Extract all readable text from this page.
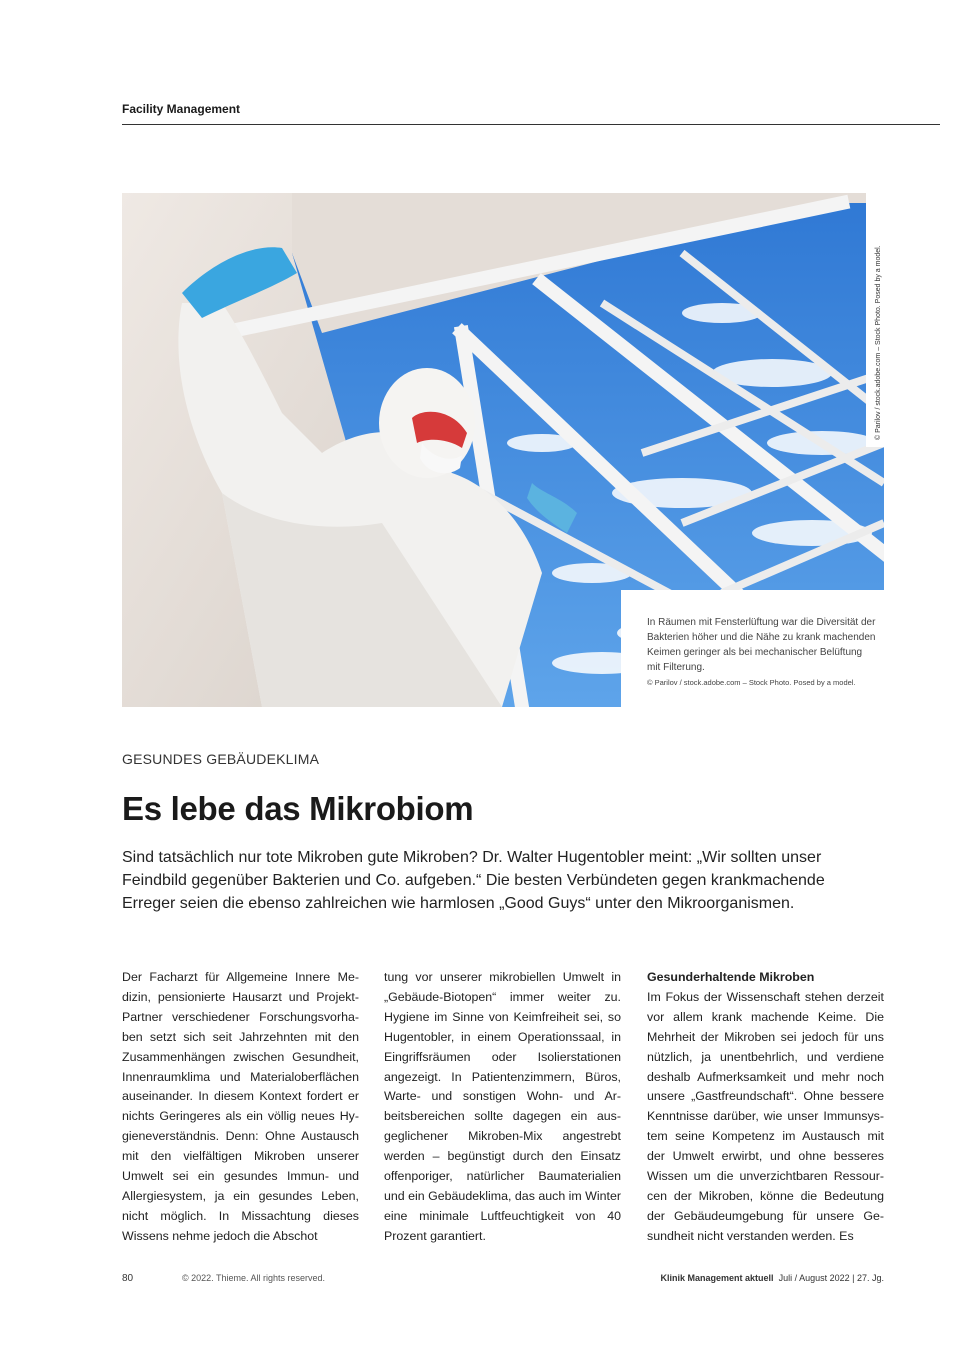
Facility Management
© Parilov / stock.adobe.com – Stock Photo. Posed by a model.

In Räumen mit Fensterlüftung war die Diversität der Bakterien höher und die Nähe zu krank machenden Keimen geringer als bei mechanischer Belüftung mit Filterung.

© Parilov / stock.adobe.com – Stock Photo. Posed by a model.

GESUNDES GEBÄUDEKLIMA
Es lebe das Mikrobiom

Sind tatsächlich nur tote Mikroben gute Mikroben? Dr. Walter Hugentobler meint: „Wir sollten unser Feindbild gegenüber Bakterien und Co. aufgeben.“ Die besten Verbündeten gegen krankmachende Erreger seien die ebenso zahlreichen wie harmlosen „Good Guys“ unter den Mikroorganismen.

Der Facharzt für Allgemeine Innere Medizin, pensionierte Hausarzt und ProjektPartner verschiedener Forschungsvorhaben setzt sich seit Jahrzehnten mit den Zusammenhängen zwischen Gesundheit, Innenraumklima und Materialoberflächen auseinander. In diesem Kontext fordert er nichts Geringeres als ein völlig neues Hygieneverständnis. Denn: Ohne Austausch mit den vielfältigen Mikroben unserer Umwelt sei ein gesundes Immun- und Allergiesystem, ja ein gesundes Leben, nicht möglich. In Missachtung dieses Wissens nehme jedoch die Abschot

tung vor unserer mikrobiellen Umwelt in „Gebäude-Biotopen“ immer weiter zu. Hygiene im Sinne von Keimfreiheit sei, so Hugentobler, in einem Operationssaal, in Eingriffsräumen oder Isolierstationen angezeigt. In Patientenzimmern, Büros, Warte- und sonstigen Wohn- und Arbeitsbereichen sollte dagegen ein ausgeglichener Mikroben-Mix angestrebt werden – begünstigt durch den Einsatz offenporiger, natürlicher Baumaterialien und ein Gebäudeklima, das auch im Winter eine minimale Luftfeuchtigkeit von 40 Prozent garantiert.

Gesunderhaltende Mikroben
Im Fokus der Wissenschaft stehen derzeit vor allem krank machende Keime. Die Mehrheit der Mikroben sei jedoch für uns nützlich, ja unentbehrlich, und verdiene deshalb Aufmerksamkeit und mehr noch unsere „Gastfreundschaft“. Ohne bessere Kenntnisse darüber, wie unser Immunsystem seine Kompetenz im Austausch mit der Umwelt erwirbt, und ohne besseres Wissen um die unverzichtbaren Ressourcen der Mikroben, könne die Bedeutung der Gebäudeumgebung für unsere Gesundheit nicht verstanden werden. Es
80	© 2022. Thieme. All rights reserved.	Klinik Management aktuell Juli / August 2022 | 27. Jg.
